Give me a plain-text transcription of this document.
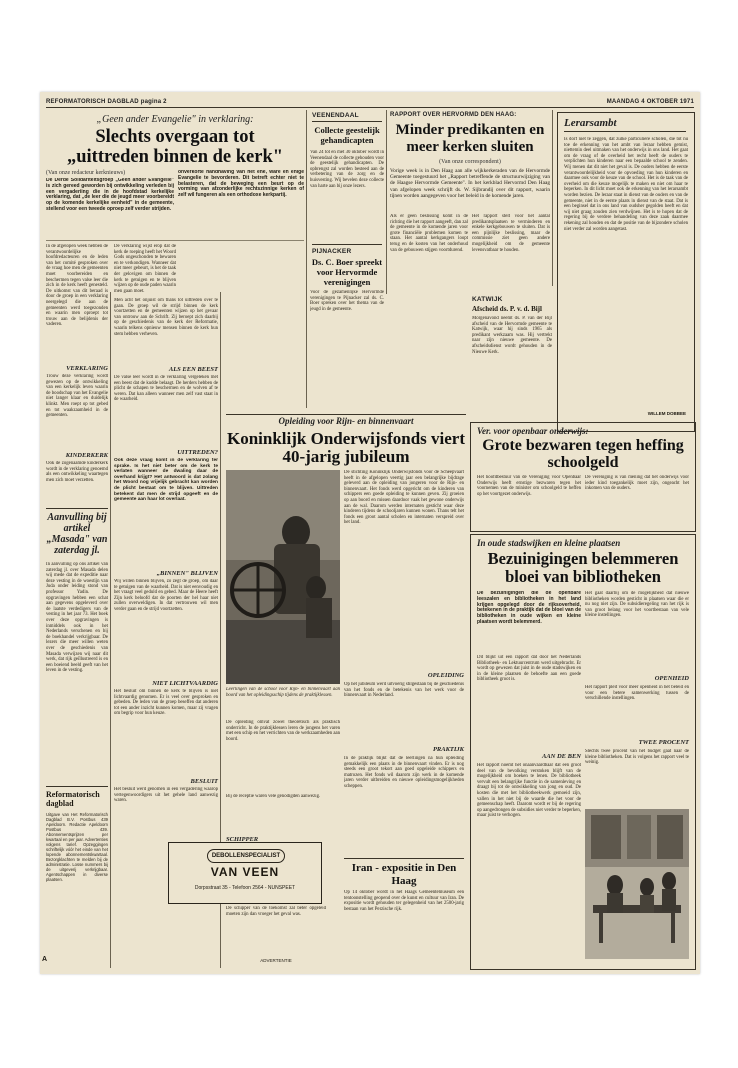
REFORMATORISCH DAGBLAD pagina 2	MAANDAG 4 OKTOBER 1971
„Geen ander Evangelie" in verklaring:
Slechts overgaan tot
„uittreden binnen de kerk"
(Van onze redacteur kerknieuws)
De Derde Solidariteitsgroep „Geen ander Evangelie" is zich gereed geworden bij ontwikkeling verleden bij een vergaderiing die in de hoofdstad kerkelijke verklaring, dat „de leer die de jeugd meer voorbereidt op de komende kerkelijke eenheid" in de gemeente, stellend voor een tweede oproep zelf verder strijden.
onverkorte handhaving van het ene, ware en enige Evangelie te bevorderen. Dit betreft echter niet te belasteren, dat de beweging een beurt op de vorming van afzonderlijke rechtszinnige kerken of zelf wil fungeren als een orthodoxe kerkpartij.
In de afgelopen week hebben de verantwoordelijke hoofdredacteuren en de leden van het comité gesproken over de vraag hoe men de gemeenten moet voorbereiden en beschermen tegen valse leer die zich in de kerk heeft genesteld. De uitkomst van dit beraad is door de groep in een verklaring neergelegd die aan de gemeenten werd toegezonden en waarin men oproept tot trouw aan de belijdenis der vaderen.
VERKLARING
Trouw deze verklaring wordt gewezen op de ontwikkeling van een kerkelijk leven waarin de boodschap van het Evangelie niet langer klaar en duidelijk klinkt. Men roept op tot gebed en tot waakzaamheid in de gemeenten.
KINDERKERK
Ook de zogenaamde kinderkerk wordt in de verklaring genoemd als een ontwikkeling waartegen men zich moet verzetten.
Aanvulling bij artikel „Masada" van zaterdag jl.
In aanvulling op ons artikel van zaterdag jl. over Masada delen wij mede dat de expeditie naar deze vesting in de woestijn van Juda onder leiding stond van professor Yadin. De opgravingen hebben een schat aan gegevens opgeleverd over de laatste verdedigers van de vesting in het jaar 73. Het boek over deze opgravingen is inmiddels ook in het Nederlands verschenen en bij de boekhandel verkrijgbaar. De lezers die meer willen weten over de geschiedenis van Masada verwijzen wij naar dit werk, dat rijk geïllustreerd is en een boeiend beeld geeft van het leven in de vesting.
Reformatorisch dagblad
Uitgave van Het Reformatorisch Dagblad B.V. Postbus 439 Apeldoorn. Redactie Apeldoorn Postbus 439. Abonnementsprijzen per kwartaal en per jaar. Advertenties volgens tarief. Opzeggingen schriftelijk vóór het einde van het lopende abonnementskwartaal. Bezorgklachten te melden bij de administratie. Losse nummers bij de uitgeverij verkrijgbaar. Agentschappen in diverse plaatsen.
De verklaring wijst erop dat de kerk de roeping heeft het Woord Gods ongeschonden te bewaren en te verkondigen. Wanneer dat niet meer gebeurt, is het de taak der gelovigen om binnen de kerk te getuigen en te blijven wijzen op de oude paden waarin men gaan moet.
Men acht het onjuist om thans tot uittreden over te gaan. De groep wil de strijd binnen de kerk voortzetten en de gemeenten wijzen op het gevaar van ontrouw aan de Schrift. Zij beroept zich daarbij op de geschiedenis van de kerk der Reformatie, waarin telkens opnieuw mensen binnen de kerk hun stem hebben verheven.
ALS EEN BEEST
De valse leer wordt in de verklaring vergeleken met een beest dat de kudde belaagt. De herders hebben de plicht de schapen te beschermen en de wolven af te weren. Dat kan alleen wanneer men zelf vast staat in de waarheid.
UITTREDEN?
Ook deze vraag komt in de verklaring ter sprake. Is het niet beter om de kerk te verlaten wanneer de dwaling daar de overhand krijgt? Het antwoord is dat zolang het Woord nog vrijelijk gebracht kan worden de plicht bestaat om te blijven. Uittreden betekent dat men de strijd opgeeft en de gemeente aan haar lot overlaat.
„BINNEN" BLIJVEN
Wij willen binnen blijven, zo zegt de groep, om daar te getuigen van de waarheid. Dat is niet eenvoudig en het vraagt veel geduld en gebed. Maar de Heere heeft Zijn kerk beloofd dat de poorten der hel haar niet zullen overweldigen. In dat vertrouwen wil men verder gaan en de strijd voortzetten.
NIET LICHTVAARDIG
Het besluit om binnen de kerk te blijven is niet lichtvaardig genomen. Er is veel over gesproken en gebeden. De leden van de groep beseffen dat anderen tot een ander inzicht kunnen komen, maar zij vragen om begrip voor hun keuze.
BESLUIT
Het besluit werd genomen in een vergadering waarop vertegenwoordigers uit het gehele land aanwezig waren.
DEBOLLENSPECIALIST
VAN VEEN
Dorpsstraat 35 - Telefoon 2564 - NUNSPEET
VEENENDAAL
Collecte geestelijk gehandicapten
Van 24 tot en met 30 oktober wordt in Veenendaal de collecte gehouden voor de geestelijk gehandicapten. De opbrengst zal worden besteed aan de verbetering van de zorg en de huisvesting. Wij bevelen deze collecte van harte aan bij onze lezers.
PIJNACKER
Ds. C. Boer spreekt voor Hervormde verenigingen
Voor de gezamenlijke Hervormde verenigingen te Pijnacker zal ds. C. Boer spreken over het thema van de jeugd in de gemeente.
RAPPORT OVER HERVORMD DEN HAAG:
Minder predikanten en meer kerken sluiten
(Van onze correspondent)
Vorige week is in Den Haag aan alle wijkkerkeraden van de Hervormde Gemeente toegestuurd het „Rapport betreffende de structuurwijziging van de Haagse Hervormde Gemeente". In het kerkblad Hervormd Den Haag van afgelopen week schrijft ds. W. Sijbrandij over dit rapport, waarin tijnen worden aangegeven voor het beleid in de komende jaren.
Als er geen beslissing komt in de richting die het rapport aangeeft, dan zal de gemeente in de komende jaren voor grote financiële problemen komen te staan. Het aantal kerkgangers loopt terug en de kosten van het onderhoud van de gebouwen stijgen voortdurend.
Het rapport stelt voor het aantal predikantsplaatsen te verminderen en enkele kerkgebouwen te sluiten. Dat is een pijnlijke beslissing, maar de commissie ziet geen andere mogelijkheid om de gemeente levensvatbaar te houden.
Lerarsambt
Is dorf niet te zeggen, dat zulke particuliere scholen, die tot nu toe de erkenning van het ambt van leraar hebben gemist, niettemin deel uitmaken van het onderwijs in ons land. Het gaat om de vraag of de overheid het recht heeft de ouders te verplichten hun kinderen naar een bepaalde school te zenden. Wij menen dat dit niet het geval is. De ouders hebben de eerste verantwoordelijkheid voor de opvoeding van hun kinderen en daarmee ook voor de keuze van de school. Het is de taak van de overheid om die keuze mogelijk te maken en niet om haar te beperken. In dit licht moet ook de erkenning van het lerarsambt worden bezien. De leraar staat in dienst van de ouders en van de gemeente, niet in de eerste plaats in dienst van de staat. Dat is een beginsel dat in ons land van oudsher gegolden heeft en dat wij niet graag zouden zien verdwijnen. Het is te hopen dat de regering bij de verdere behandeling van deze zaak daarmee rekening zal houden en dat de positie van de bijzondere scholen niet verder zal worden aangetast.
WILLEM DOBBEE
KATWIJK
Afscheid ds. P. v. d. Bijl
Morgenavond neemt ds. P. van der Bijl afscheid van de Hervormde gemeente te Katwijk, waar hij sinds 1965 als predikant werkzaam was. Hij vertrekt naar zijn nieuwe gemeente. De afscheidsdienst wordt gehouden in de Nieuwe Kerk.
Opleiding voor Rijn- en binnenvaart
Koninklijk Onderwijsfonds viert 40-jarig jubileum
Leerlingen van de school voor Rijn- en binnenvaart aan boord van het opleidingsschip tijdens de praktijklessen.
De stichting Koninklijk Onderwijsfonds voor de Scheepvaart heeft in de afgelopen veertig jaar een belangrijke bijdrage geleverd aan de opleiding van jongeren voor de Rijn- en binnenvaart. Het fonds werd opgericht om de kinderen van schippers een goede opleiding te kunnen geven. Zij groeien op aan boord en missen daardoor vaak het gewone onderwijs aan de wal. Daarom werden internaten gesticht waar deze kinderen tijdens de schooljaren kunnen wonen. Thans telt het fonds een groot aantal scholen en internaten verspreid over het land.
OPLEIDING
De opleiding omvat zowel theoretisch als praktisch onderricht. In de praktijklessen leren de jongens het varen met een schip en het verrichten van de werkzaamheden aan boord.
Op het jubileum werd uitvoerig stilgestaan bij de geschiedenis van het fonds en de betekenis van het werk voor de binnenvaart in Nederland.
PRAKTIJK
In de praktijk blijkt dat de leerlingen na hun opleiding gemakkelijk een plaats in de binnenvaart vinden. Er is nog steeds een groot tekort aan goed opgeleide schippers en matrozen. Het fonds wil daarom zijn werk in de komende jaren verder uitbreiden en nieuwe opleidingsmogelijkheden scheppen.
Bij de receptie waren vele genodigden aanwezig.
SCHIPPER
De schipper van de toekomst zal beter opgeleid moeten zijn dan vroeger het geval was.
ADVERTENTIE
Iran - expositie in Den Haag
Op 14 oktober wordt in het Haags Gemeentemuseum een tentoonstelling geopend over de kunst en cultuur van Iran. De expositie wordt gehouden ter gelegenheid van het 2500-jarig bestaan van het Perzische rijk.
Ver. voor openbaar onderwijs:
Grote bezwaren tegen heffing schoolgeld
Het hoofdbestuur van de Vereniging voor Openbaar Onderwijs heeft ernstige bezwaren tegen het voornemen van de minister om schoolgeld te heffen op het voortgezet onderwijs.
De vereniging is van mening dat het onderwijs voor ieder kind toegankelijk moet zijn, ongeacht het inkomen van de ouders.
In oude stadswijken en kleine plaatsen
Bezuinigingen belemmeren bloei van bibliotheken
De bezuinigingen die de openbare leeszalen en bibliotheken in het land krijgen opgelegd door de rijksoverheid, betekenen in de praktijk dat de bloei van de bibliotheken in oude wijken en kleine plaatsen wordt belemmerd.
Dit blijkt uit een rapport dat door het Nederlands Bibliotheek- en Lektuurcentrum werd uitgebracht. Er wordt op gewezen dat juist in de oude stadswijken en in de kleine plaatsen de behoefte aan een goede bibliotheek groot is.
AAN DE BEN
Het rapport noemt het onaanvaardbaar dat een groot deel van de bevolking verstoken blijft van de mogelijkheid om boeken te lenen. De bibliotheek vervult een belangrijke functie in de samenleving en draagt bij tot de ontwikkeling van jong en oud. De kosten die met het bibliotheekwerk gemoeid zijn, vallen in het niet bij de waarde die het voor de gemeenschap heeft. Daarom wordt er bij de regering op aangedrongen de subsidies niet verder te beperken, maar juist te verhogen.
Het gaat daarbij om de mogelijkheid dat nieuwe bibliotheken worden gesticht in plaatsen waar die er nu nog niet zijn. De subsidieregeling van het rijk is van groot belang voor het voortbestaan van vele kleine instellingen.
OPENHEID
Het rapport pleit voor meer openheid in het beleid en voor een betere samenwerking tussen de verschillende instellingen.
TWEE PROCENT
Slechts twee procent van het budget gaat naar de kleine bibliotheken. Dat is volgens het rapport veel te weinig.
A
